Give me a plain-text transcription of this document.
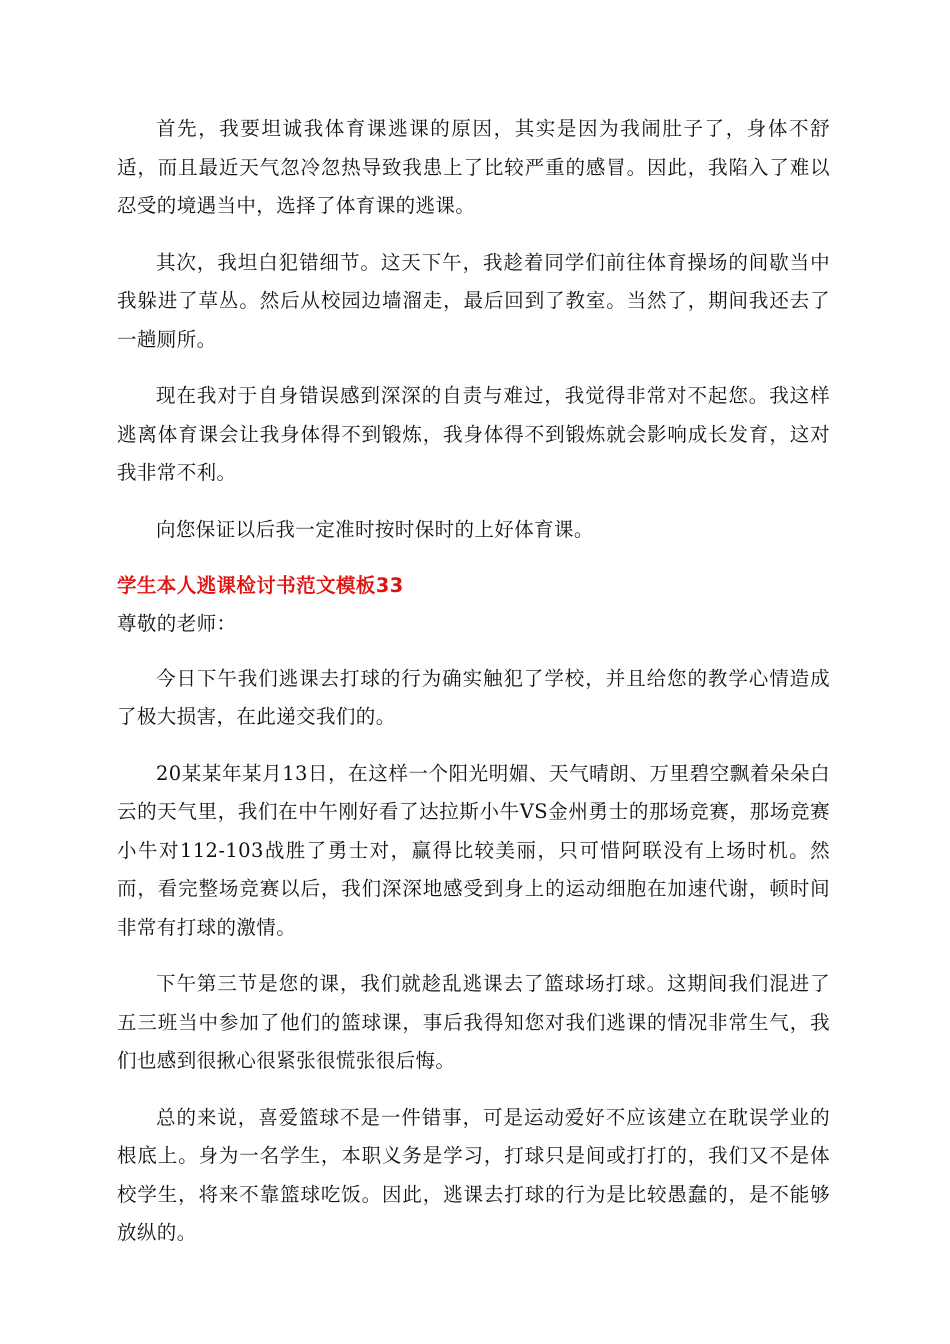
首先，我要坦诚我体育课逃课的原因，其实是因为我闹肚子了，身体不舒适，而且最近天气忽冷忽热导致我患上了比较严重的感冒。因此，我陷入了难以忍受的境遇当中，选择了体育课的逃课。

其次，我坦白犯错细节。这天下午，我趁着同学们前往体育操场的间歇当中我躲进了草丛。然后从校园边墙溜走，最后回到了教室。当然了，期间我还去了一趟厕所。

现在我对于自身错误感到深深的自责与难过，我觉得非常对不起您。我这样逃离体育课会让我身体得不到锻炼，我身体得不到锻炼就会影响成长发育，这对我非常不利。

向您保证以后我一定准时按时保时的上好体育课。

学生本人逃课检讨书范文模板33

尊敬的老师：

今日下午我们逃课去打球的行为确实触犯了学校，并且给您的教学心情造成了极大损害，在此递交我们的。

20某某年某月13日，在这样一个阳光明媚、天气晴朗、万里碧空飘着朵朵白云的天气里，我们在中午刚好看了达拉斯小牛VS金州勇士的那场竞赛，那场竞赛小牛对112-103战胜了勇士对，赢得比较美丽，只可惜阿联没有上场时机。然而，看完整场竞赛以后，我们深深地感受到身上的运动细胞在加速代谢，顿时间非常有打球的激情。

下午第三节是您的课，我们就趁乱逃课去了篮球场打球。这期间我们混进了五三班当中参加了他们的篮球课，事后我得知您对我们逃课的情况非常生气，我们也感到很揪心很紧张很慌张很后悔。

总的来说，喜爱篮球不是一件错事，可是运动爱好不应该建立在耽误学业的根底上。身为一名学生，本职义务是学习，打球只是间或打打的，我们又不是体校学生，将来不靠篮球吃饭。因此，逃课去打球的行为是比较愚蠢的，是不能够放纵的。
